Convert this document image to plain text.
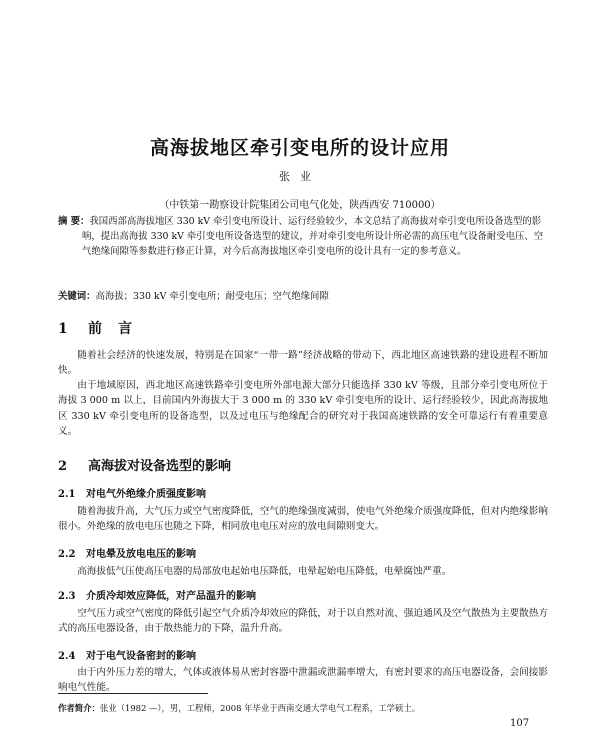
高海拔地区牵引变电所的设计应用
张业
（中铁第一勘察设计院集团公司电气化处，陕西西安 710000）
摘 要：我国西部高海拔地区 330 kV 牵引变电所设计、运行经验较少，本文总结了高海拔对牵引变电所设备选型的影响，提出高海拔 330 kV 牵引变电所设备选型的建议，并对牵引变电所设计所必需的高压电气设备耐受电压、空气绝缘间隙等参数进行修正计算，对今后高海拔地区牵引变电所的设计具有一定的参考意义。
关键词：高海拔；330 kV 牵引变电所；耐受电压；空气绝缘间隙
1 前言

随着社会经济的快速发展，特别是在国家“一带一路”经济战略的带动下，西北地区高速铁路的建设进程不断加快。

由于地域原因，西北地区高速铁路牵引变电所外部电源大部分只能选择 330 kV 等级，且部分牵引变电所位于海拔 3 000 m 以上，目前国内外海拔大于 3 000 m 的 330 kV 牵引变电所的设计、运行经验较少，因此高海拔地区 330 kV 牵引变电所的设备选型，以及过电压与绝缘配合的研究对于我国高速铁路的安全可靠运行有着重要意义。

2 高海拔对设备选型的影响
2.1 对电气外绝缘介质强度影响

随着海拔升高，大气压力或空气密度降低，空气的绝缘强度减弱，使电气外绝缘介质强度降低，但对内绝缘影响很小。外绝缘的放电电压也随之下降，相同放电电压对应的放电间隙则变大。

2.2 对电晕及放电电压的影响

高海拔低气压使高压电器的局部放电起始电压降低，电晕起始电压降低，电晕腐蚀严重。

2.3 介质冷却效应降低，对产品温升的影响

空气压力或空气密度的降低引起空气介质冷却效应的降低，对于以自然对流、强迫通风及空气散热为主要散热方式的高压电器设备，由于散热能力的下降，温升升高。

2.4 对于电气设备密封的影响

由于内外压力差的增大，气体或液体易从密封容器中泄漏或泄漏率增大，有密封要求的高压电器设备，会间接影响电气性能。

作者简介：张业（1982 —），男，工程师，2008 年毕业于西南交通大学电气工程系，工学硕士。
107
